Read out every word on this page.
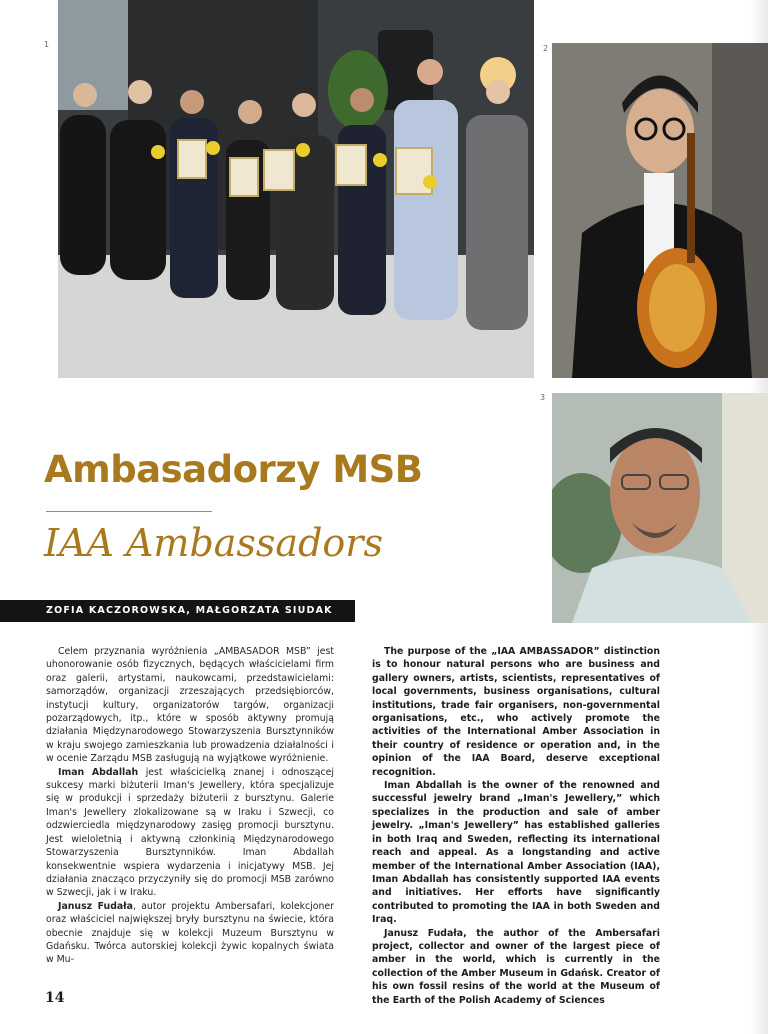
1	2
3
Ambasadorzy MSB
IAA Ambassadors
ZOFIA KACZOROWSKA, MAŁGORZATA SIUDAK

Celem przyznania wyróżnienia „AMBASADOR MSB” jest uhonorowanie osób fizycznych, będących właścicielami firm oraz galerii, artystami, naukowcami, przedstawicielami: samorządów, organizacji zrzeszających przedsiębiorców, instytucji kultury, organizatorów targów, organizacji pozarządowych, itp., które w sposób aktywny promują działania Międzynarodowego Stowarzyszenia Bursztynników w kraju swojego zamieszkania lub prowadzenia działalności i w ocenie Zarządu MSB zasługują na wyjątkowe wyróżnienie.

Iman Abdallah jest właścicielką znanej i odnoszącej sukcesy marki biżuterii Iman's Jewellery, która specjalizuje się w produkcji i sprzedaży biżuterii z bursztynu. Galerie Iman's Jewellery zlokalizowane są w Iraku i Szwecji, co odzwierciedla międzynarodowy zasięg promocji bursztynu. Jest wieloletnią i aktywną członkinią Międzynarodowego Stowarzyszenia Bursztynników. Iman Abdallah konsekwentnie wspiera wydarzenia i inicjatywy MSB. Jej działania znacząco przyczyniły się do promocji MSB zarówno w Szwecji, jak i w Iraku.

Janusz Fudała, autor projektu Ambersafari, kolekcjoner oraz właściciel największej bryły bursztynu na świecie, która obecnie znajduje się w kolekcji Muzeum Bursztynu w Gdańsku. Twórca autorskiej kolekcji żywic kopalnych świata w Mu-

The purpose of the „IAA AMBASSADOR” distinction is to honour natural persons who are business and gallery owners, artists, scientists, representatives of local governments, business organisations, cultural institutions, trade fair organisers, non-governmental organisations, etc., who actively promote the activities of the International Amber Association in their country of residence or operation and, in the opinion of the IAA Board, deserve exceptional recognition.

Iman Abdallah is the owner of the renowned and successful jewelry brand „Iman's Jewellery,” which specializes in the production and sale of amber jewelry. „Iman's Jewellery” has established galleries in both Iraq and Sweden, reflecting its international reach and appeal. As a longstanding and active member of the International Amber Association (IAA), Iman Abdallah has consistently supported IAA events and initiatives. Her efforts have significantly contributed to promoting the IAA in both Sweden and Iraq.

Janusz Fudała, the author of the Ambersafari project, collector and owner of the largest piece of amber in the world, which is currently in the collection of the Amber Museum in Gdańsk. Creator of his own fossil resins of the world at the Museum of the Earth of the Polish Academy of Sciences

14
